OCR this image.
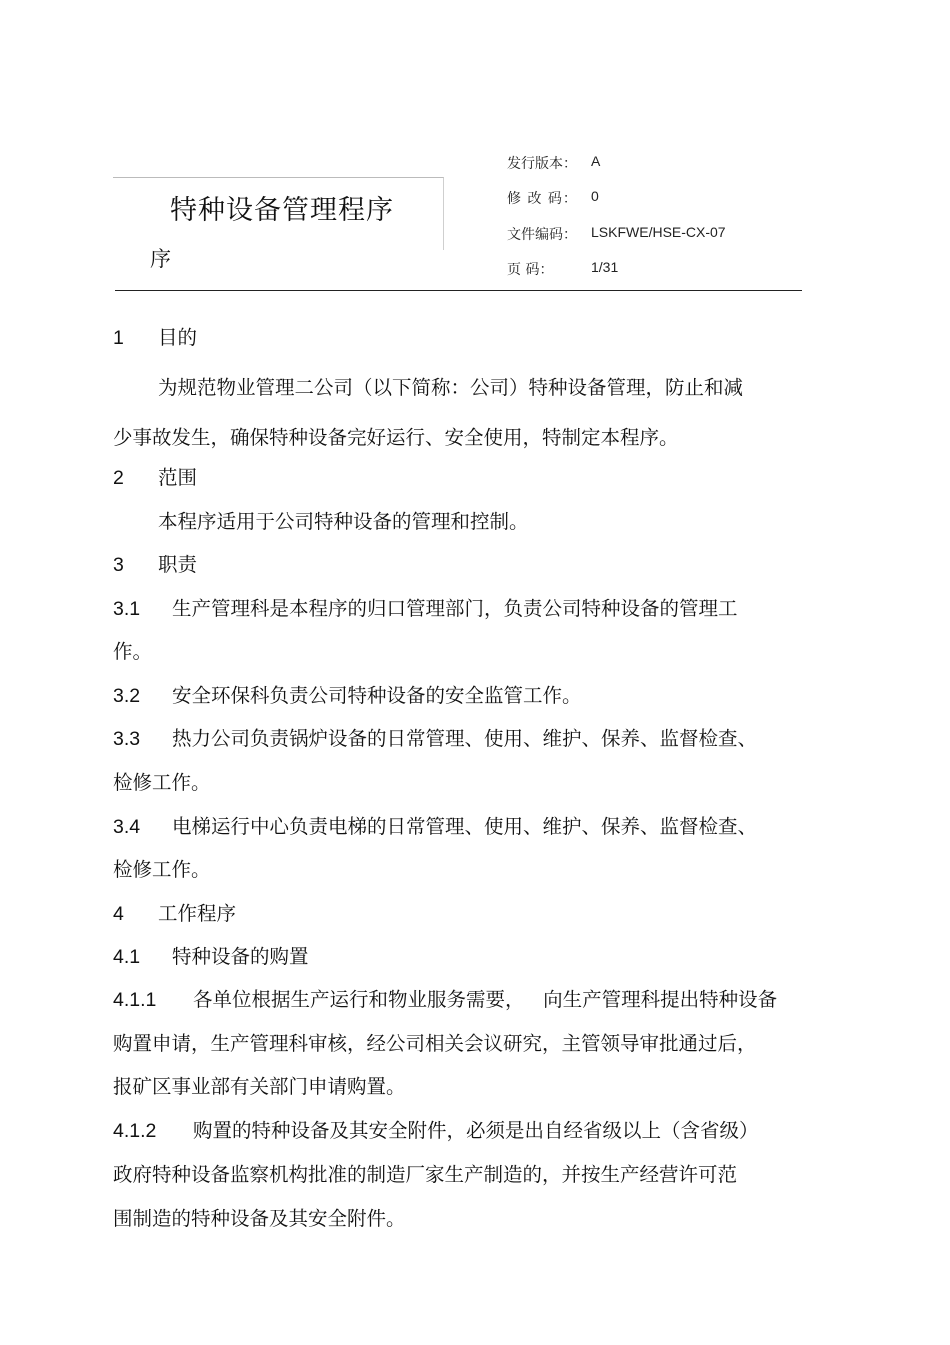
特种设备管理程序
序
发行版本： A
修 改 码： 0
文件编码： LSKFWE/HSE-CX-07
页 码：	1/31
1 目的
为规范物业管理二公司（以下简称：公司）特种设备管理，防止和减
少事故发生，确保特种设备完好运行、安全使用，特制定本程序。
2 范围
本程序适用于公司特种设备的管理和控制。
3 职责
3.1 生产管理科是本程序的归口管理部门，负责公司特种设备的管理工
作。
3.2 安全环保科负责公司特种设备的安全监管工作。
3.3 热力公司负责锅炉设备的日常管理、使用、维护、保养、监督检查、
检修工作。
3.4 电梯运行中心负责电梯的日常管理、使用、维护、保养、监督检查、
检修工作。
4 工作程序
4.1 特种设备的购置
4.1.1 各单位根据生产运行和物业服务需要，   向生产管理科提出特种设备
购置申请，生产管理科审核，经公司相关会议研究，主管领导审批通过后，
报矿区事业部有关部门申请购置。
4.1.2 购置的特种设备及其安全附件，必须是出自经省级以上（含省级）
政府特种设备监察机构批准的制造厂家生产制造的，并按生产经营许可范
围制造的特种设备及其安全附件。
